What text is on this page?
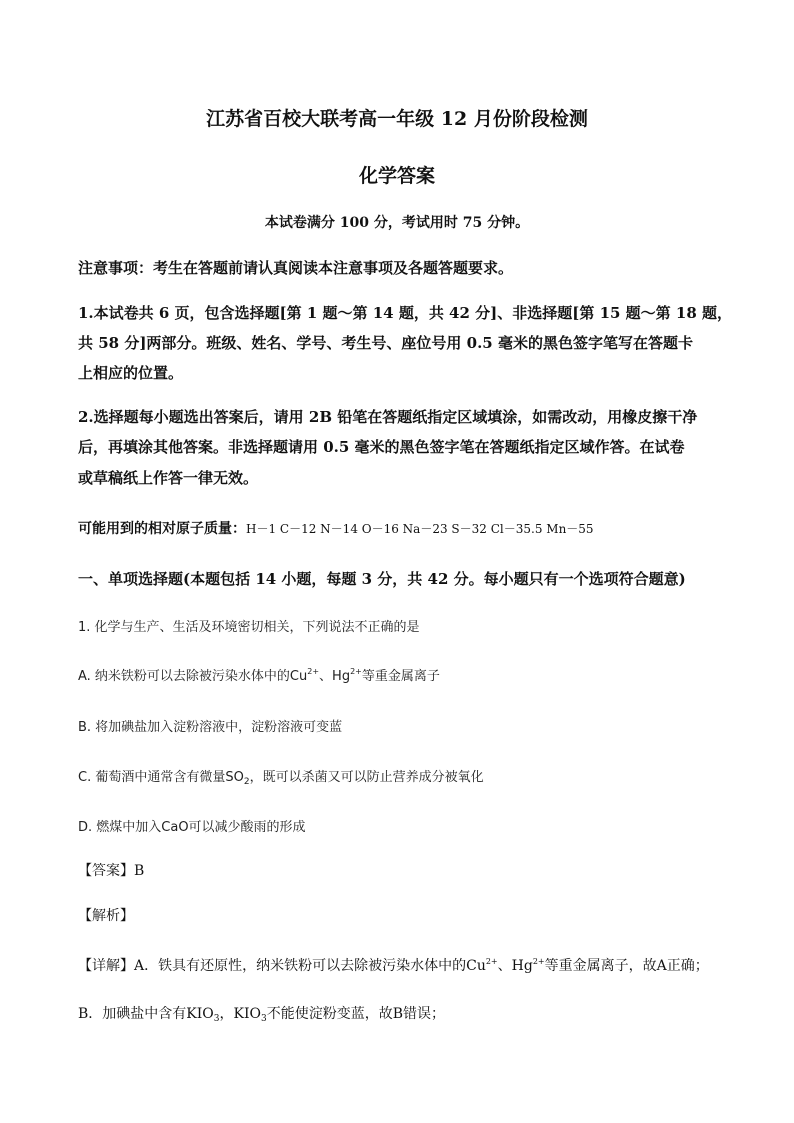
江苏省百校大联考高一年级 12 月份阶段检测
化学答案
本试卷满分 100 分，考试用时 75 分钟。
注意事项：考生在答题前请认真阅读本注意事项及各题答题要求。
1.本试卷共 6 页，包含选择题[第 1 题～第 14 题，共 42 分]、非选择题[第 15 题～第 18 题，
共 58 分]两部分。班级、姓名、学号、考生号、座位号用 0.5 毫米的黑色签字笔写在答题卡
上相应的位置。
2.选择题每小题选出答案后，请用 2B 铅笔在答题纸指定区域填涂，如需改动，用橡皮擦干净
后，再填涂其他答案。非选择题请用 0.5 毫米的黑色签字笔在答题纸指定区域作答。在试卷
或草稿纸上作答一律无效。
可能用到的相对原子质量：H－1 C－12 N－14 O－16 Na－23 S－32 Cl－35.5 Mn－55
一、单项选择题(本题包括 14 小题，每题 3 分，共 42 分。每小题只有一个选项符合题意)
1. 化学与生产、生活及环境密切相关，下列说法不正确的是
A. 纳米铁粉可以去除被污染水体中的$Cu^{2+}$、$Hg^{2+}$等重金属离子
B. 将加碘盐加入淀粉溶液中，淀粉溶液可变蓝
C. 葡萄酒中通常含有微量$SO_2$，既可以杀菌又可以防止营养成分被氧化
D. 燃煤中加入CaO可以减少酸雨的形成
【答案】B
【解析】
【详解】A．铁具有还原性，纳米铁粉可以去除被污染水体中的$Cu^{2+}$、$Hg^{2+}$等重金属离子，故A正确；
B．加碘盐中含有$KIO_3$，$KIO_3$不能使淀粉变蓝，故B错误；
